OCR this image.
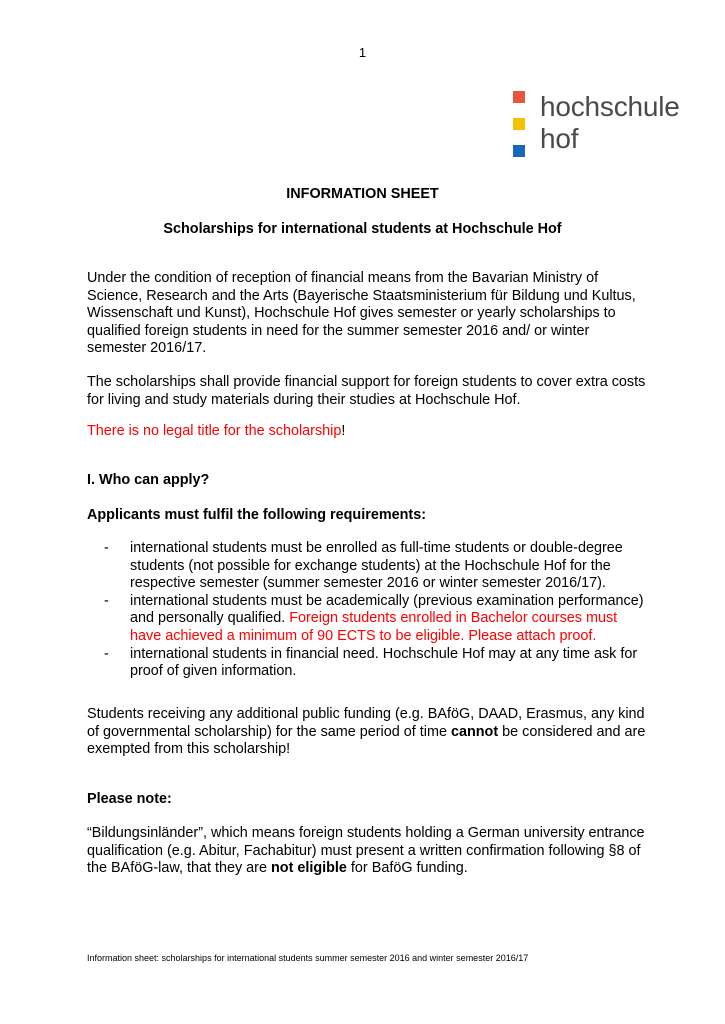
1
hochschule
hof
INFORMATION SHEET
Scholarships for international students at Hochschule Hof
Under the condition of reception of financial means from the Bavarian Ministry of Science, Research and the Arts (Bayerische Staatsministerium für Bildung und Kultus, Wissenschaft und Kunst), Hochschule Hof gives semester or yearly scholarships to qualified foreign students in need for the summer semester 2016 and/ or winter semester 2016/17.
The scholarships shall provide financial support for foreign students to cover extra costs for living and study materials during their studies at Hochschule Hof.
There is no legal title for the scholarship!
I. Who can apply?
Applicants must fulfil the following requirements:
- international students must be enrolled as full-time students or double-degree students (not possible for exchange students) at the Hochschule Hof for the respective semester (summer semester 2016 or winter semester 2016/17).
- international students must be academically (previous examination performance) and personally qualified. Foreign students enrolled in Bachelor courses must have achieved a minimum of 90 ECTS to be eligible. Please attach proof.
- international students in financial need. Hochschule Hof may at any time ask for proof of given information.
Students receiving any additional public funding (e.g. BAföG, DAAD, Erasmus, any kind of governmental scholarship) for the same period of time cannot be considered and are exempted from this scholarship!
Please note:
“Bildungsinländer”, which means foreign students holding a German university entrance qualification (e.g. Abitur, Fachabitur) must present a written confirmation following §8 of the BAföG-law, that they are not eligible for BaföG funding.
Information sheet: scholarships for international students summer semester 2016 and winter semester 2016/17
